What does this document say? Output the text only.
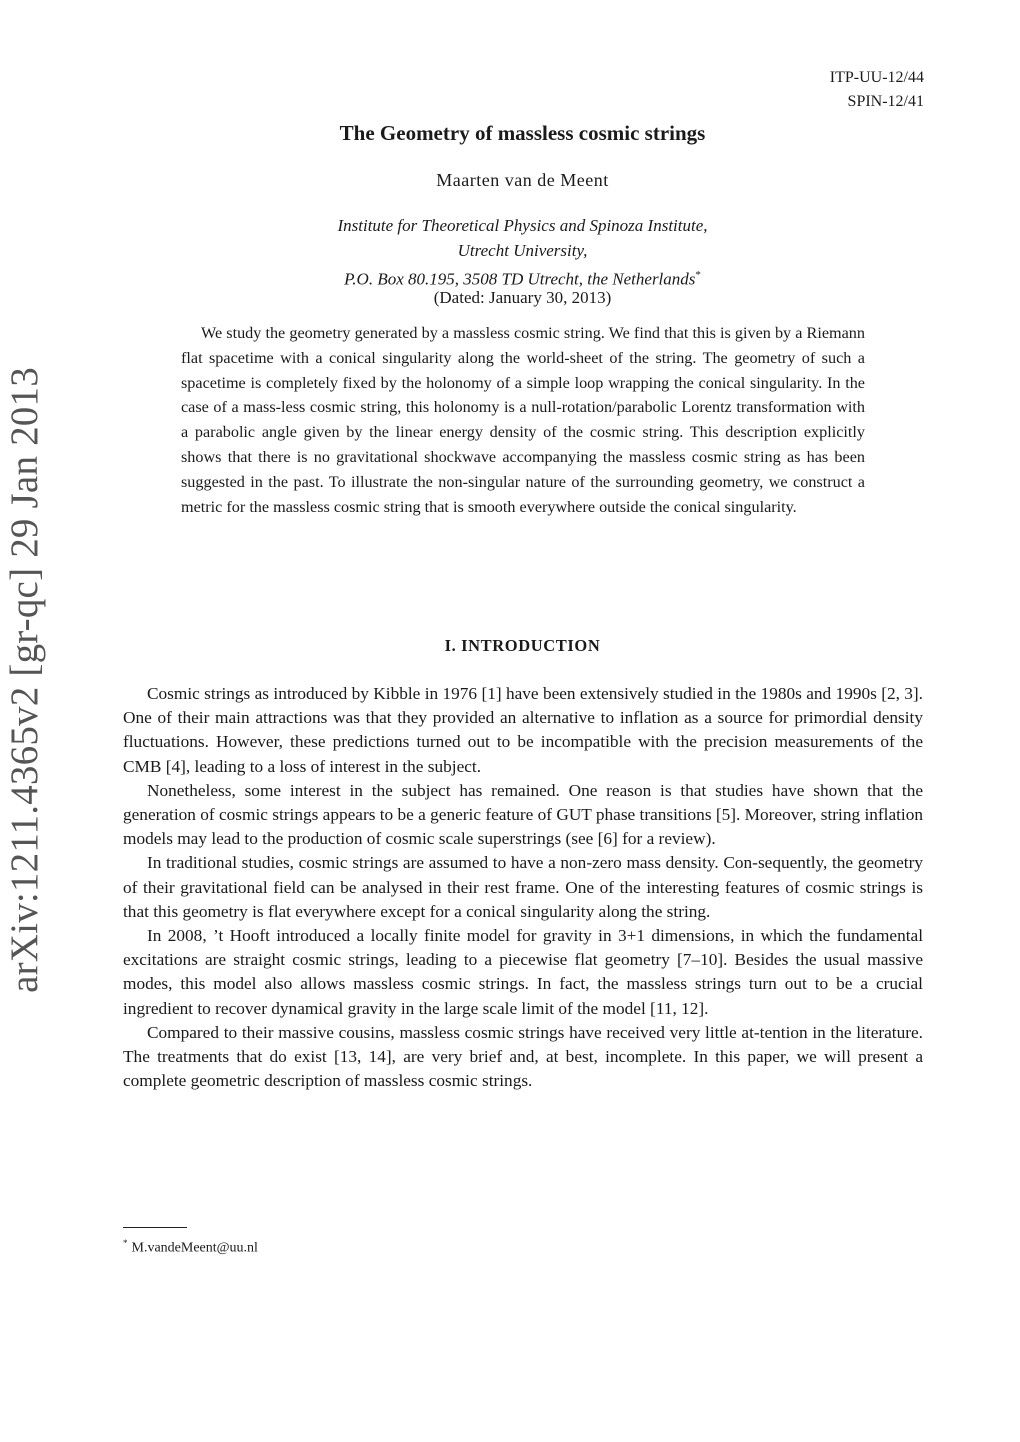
arXiv:1211.4365v2 [gr-qc] 29 Jan 2013
ITP-UU-12/44
SPIN-12/41
The Geometry of massless cosmic strings
Maarten van de Meent
Institute for Theoretical Physics and Spinoza Institute,
Utrecht University,
P.O. Box 80.195, 3508 TD Utrecht, the Netherlands*
(Dated: January 30, 2013)

We study the geometry generated by a massless cosmic string. We find that this is given by a Riemann flat spacetime with a conical singularity along the world-sheet of the string. The geometry of such a spacetime is completely fixed by the holonomy of a simple loop wrapping the conical singularity. In the case of a mass-less cosmic string, this holonomy is a null-rotation/parabolic Lorentz transformation with a parabolic angle given by the linear energy density of the cosmic string. This description explicitly shows that there is no gravitational shockwave accompanying the massless cosmic string as has been suggested in the past. To illustrate the non-singular nature of the surrounding geometry, we construct a metric for the massless cosmic string that is smooth everywhere outside the conical singularity.

I. INTRODUCTION

Cosmic strings as introduced by Kibble in 1976 [1] have been extensively studied in the 1980s and 1990s [2, 3]. One of their main attractions was that they provided an alternative to inflation as a source for primordial density fluctuations. However, these predictions turned out to be incompatible with the precision measurements of the CMB [4], leading to a loss of interest in the subject.

Nonetheless, some interest in the subject has remained. One reason is that studies have shown that the generation of cosmic strings appears to be a generic feature of GUT phase transitions [5]. Moreover, string inflation models may lead to the production of cosmic scale superstrings (see [6] for a review).

In traditional studies, cosmic strings are assumed to have a non-zero mass density. Con-sequently, the geometry of their gravitational field can be analysed in their rest frame. One of the interesting features of cosmic strings is that this geometry is flat everywhere except for a conical singularity along the string.

In 2008, ’t Hooft introduced a locally finite model for gravity in 3+1 dimensions, in which the fundamental excitations are straight cosmic strings, leading to a piecewise flat geometry [7–10]. Besides the usual massive modes, this model also allows massless cosmic strings. In fact, the massless strings turn out to be a crucial ingredient to recover dynamical gravity in the large scale limit of the model [11, 12].

Compared to their massive cousins, massless cosmic strings have received very little at-tention in the literature. The treatments that do exist [13, 14], are very brief and, at best, incomplete. In this paper, we will present a complete geometric description of massless cosmic strings.

* M.vandeMeent@uu.nl
